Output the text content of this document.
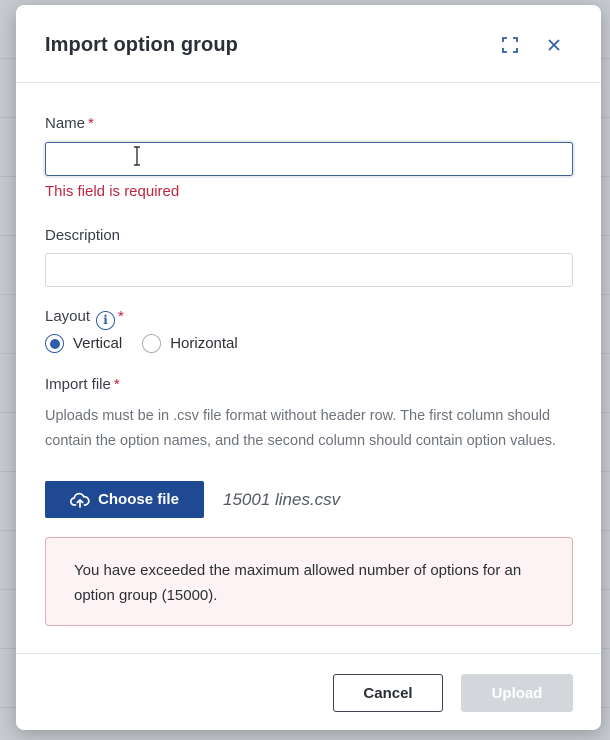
Import option group
Name *
This field is required
Description
Layout i *
Vertical	Horizontal
Import file *
Uploads must be in .csv file format without header row. The first column should contain the option names, and the second column should contain option values.
Choose file	15001 lines.csv
You have exceeded the maximum allowed number of options for an option group (15000).
Cancel	Upload
